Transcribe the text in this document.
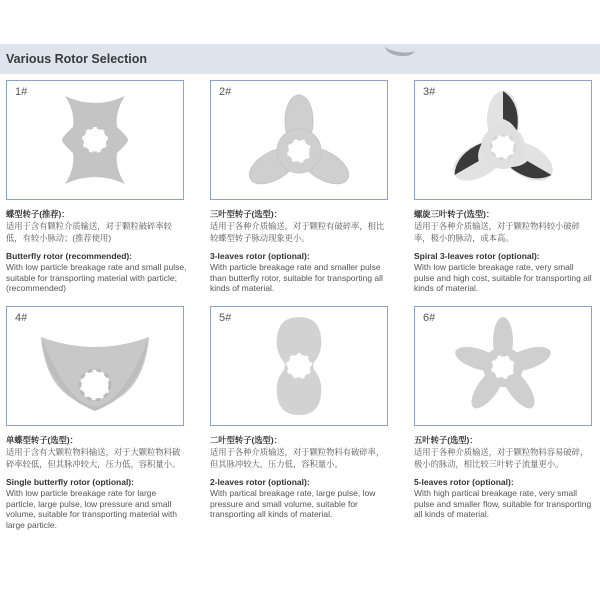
Various Rotor Selection
1#
蝶型转子(推荐)：
适用于含有颗粒介质输送，对于颗粒破碎率较低，有较小脉动；(推荐使用)
Butterfly rotor (recommended):
With low particle breakage rate and small pulse, suitable for transporting material with particle; (recommended)
2#
三叶型转子(选型)：
适用于各种介质输送，对于颗粒有破碎率，相比较蝶型转子脉动现象更小。
3-leaves rotor (optional):
With particle breakage rate and smaller pulse than butterfly rotor, suitable for transporting all kinds of material.
3#
螺旋三叶转子(选型)：
适用于各种介质输送，对于颗粒物料较小破碎率，极小的脉动，成本高。
Spiral 3-leaves rotor (optional):
With low particle breakage rate, very small pulse and high cost, suitable for transporting all kinds of material.
4#
单蝶型转子(选型)：
适用于含有大颗粒物料输送，对于大颗粒物料破碎率较低，但其脉冲较大，压力低，容积量小。
Single butterfly rotor (optional):
With low particle breakage rate for large particle, large pulse, low pressure and small volume, suitable for transporting material with large particle.
5#
二叶型转子(选型)：
适用于各种介质输送，对于颗粒物料有破碎率，但其脉冲较大，压力低，容积量小。
2-leaves rotor (optional):
With partical breakage rate, large pulse, low pressure and small volume, suitable for transporting all kinds of material.
6#
五叶转子(选型)：
适用于各种介质输送，对于颗粒物料容易破碎，极小的脉动，相比较三叶转子流量更小。
5-leaves rotor (optional):
With high partical breakage rate, very small pulse and smaller flow, suitable for transporting all kinds of material.
